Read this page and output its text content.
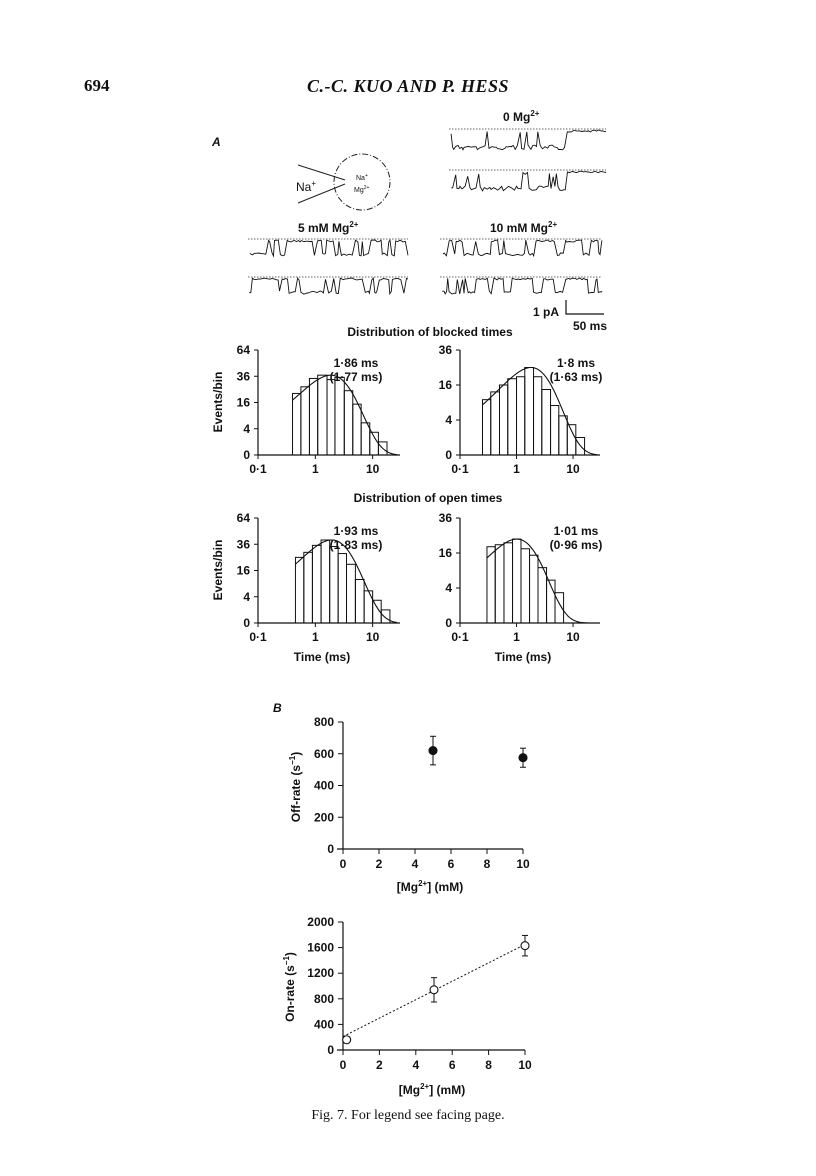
694	C.-C. KUO AND P. HESS
A
Na+
Na+
$Mg^{2+}$
0 $Mg^{2+}$
5 mM $Mg^{2+}$	10 mM $Mg^{2+}$
1 pA
50 ms
Distribution of blocked times
Distribution of open times
Events/bin
Events/bin
Time (ms)	Time (ms)
0
4
16
36
64
0·1	1	10
1·86 ms
(1·77 ms)
0
4
16
36
0·1	1	10
1·8 ms
(1·63 ms)
0
4
16
36
64
0·1	1	10
1·93 ms
(1·83 ms)
0
4
16
36
0·1	1	10
1·01 ms
(0·96 ms)
B
0
200
400
600
800
0 2 4 6 8 10
0
400
800
1200
1600
2000
0 2 4 6 8 10
Off-rate $(s^{-1})$
$[Mg^{2+}]$ (mM)
On-rate $(s^{-1})$
$[Mg^{2+}]$ (mM)
Fig. 7. For legend see facing page.
